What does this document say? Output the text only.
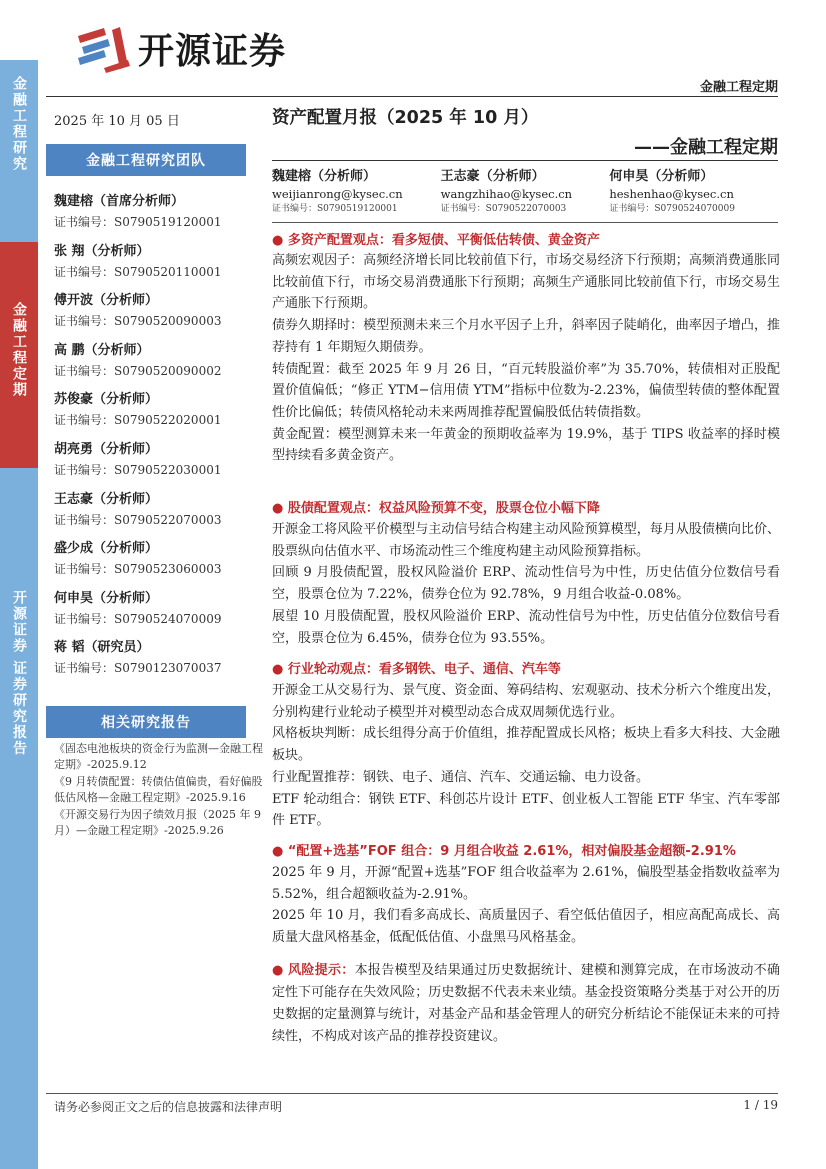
开源证券
金融工程定期
金融工程研究
金融工程定期
开源证券 证券研究报告
2025 年 10 月 05 日
金融工程研究团队
魏建榕（首席分析师）
证书编号：S0790519120001
张 翔（分析师）
证书编号：S0790520110001
傅开波（分析师）
证书编号：S0790520090003
高 鹏（分析师）
证书编号：S0790520090002
苏俊豪（分析师）
证书编号：S0790522020001
胡亮勇（分析师）
证书编号：S0790522030001
王志豪（分析师）
证书编号：S0790522070003
盛少成（分析师）
证书编号：S0790523060003
何申昊（分析师）
证书编号：S0790524070009
蒋 韬（研究员）
证书编号：S0790123070037
相关研究报告
《固态电池板块的资金行为监测—金融工程定期》-2025.9.12
《9 月转债配置：转债估值偏贵，看好偏股低估风格—金融工程定期》-2025.9.16
《开源交易行为因子绩效月报（2025 年 9 月）—金融工程定期》-2025.9.26
资产配置月报（2025 年 10 月）
——金融工程定期
魏建榕（分析师）
weijianrong@kysec.cn
证书编号：S0790519120001
王志豪（分析师）
wangzhihao@kysec.cn
证书编号：S0790522070003
何申昊（分析师）
heshenhao@kysec.cn
证书编号：S0790524070009
● 多资产配置观点：看多短债、平衡低估转债、黄金资产

高频宏观因子：高频经济增长同比较前值下行，市场交易经济下行预期；高频消费通胀同比较前值下行，市场交易消费通胀下行预期；高频生产通胀同比较前值下行，市场交易生产通胀下行预期。

债券久期择时：模型预测未来三个月水平因子上升，斜率因子陡峭化，曲率因子增凸，推荐持有 1 年期短久期债券。

转债配置：截至 2025 年 9 月 26 日，“百元转股溢价率”为 35.70%，转债相对正股配置价值偏低；“修正 YTM−信用债 YTM”指标中位数为-2.23%，偏债型转债的整体配置性价比偏低；转债风格轮动未来两周推荐配置偏股低估转债指数。

黄金配置：模型测算未来一年黄金的预期收益率为 19.9%，基于 TIPS 收益率的择时模型持续看多黄金资产。

● 股债配置观点：权益风险预算不变，股票仓位小幅下降

开源金工将风险平价模型与主动信号结合构建主动风险预算模型，每月从股债横向比价、股票纵向估值水平、市场流动性三个维度构建主动风险预算指标。

回顾 9 月股债配置，股权风险溢价 ERP、流动性信号为中性，历史估值分位数信号看空，股票仓位为 7.22%，债券仓位为 92.78%，9 月组合收益-0.08%。

展望 10 月股债配置，股权风险溢价 ERP、流动性信号为中性，历史估值分位数信号看空，股票仓位为 6.45%，债券仓位为 93.55%。

● 行业轮动观点：看多钢铁、电子、通信、汽车等

开源金工从交易行为、景气度、资金面、筹码结构、宏观驱动、技术分析六个维度出发，分别构建行业轮动子模型并对模型动态合成双周频优选行业。

风格板块判断：成长组得分高于价值组，推荐配置成长风格；板块上看多大科技、大金融板块。

行业配置推荐：钢铁、电子、通信、汽车、交通运输、电力设备。

ETF 轮动组合：钢铁 ETF、科创芯片设计 ETF、创业板人工智能 ETF 华宝、汽车零部件 ETF。

● “配置+选基”FOF 组合：9 月组合收益 2.61%，相对偏股基金超额-2.91%

2025 年 9 月，开源“配置+选基”FOF 组合收益率为 2.61%，偏股型基金指数收益率为 5.52%，组合超额收益为-2.91%。

2025 年 10 月，我们看多高成长、高质量因子、看空低估值因子，相应高配高成长、高质量大盘风格基金，低配低估值、小盘黑马风格基金。

● 风险提示：本报告模型及结果通过历史数据统计、建模和测算完成，在市场波动不确定性下可能存在失效风险；历史数据不代表未来业绩。基金投资策略分类基于对公开的历史数据的定量测算与统计，对基金产品和基金管理人的研究分析结论不能保证未来的可持续性，不构成对该产品的推荐投资建议。
请务必参阅正文之后的信息披露和法律声明	1 / 19
